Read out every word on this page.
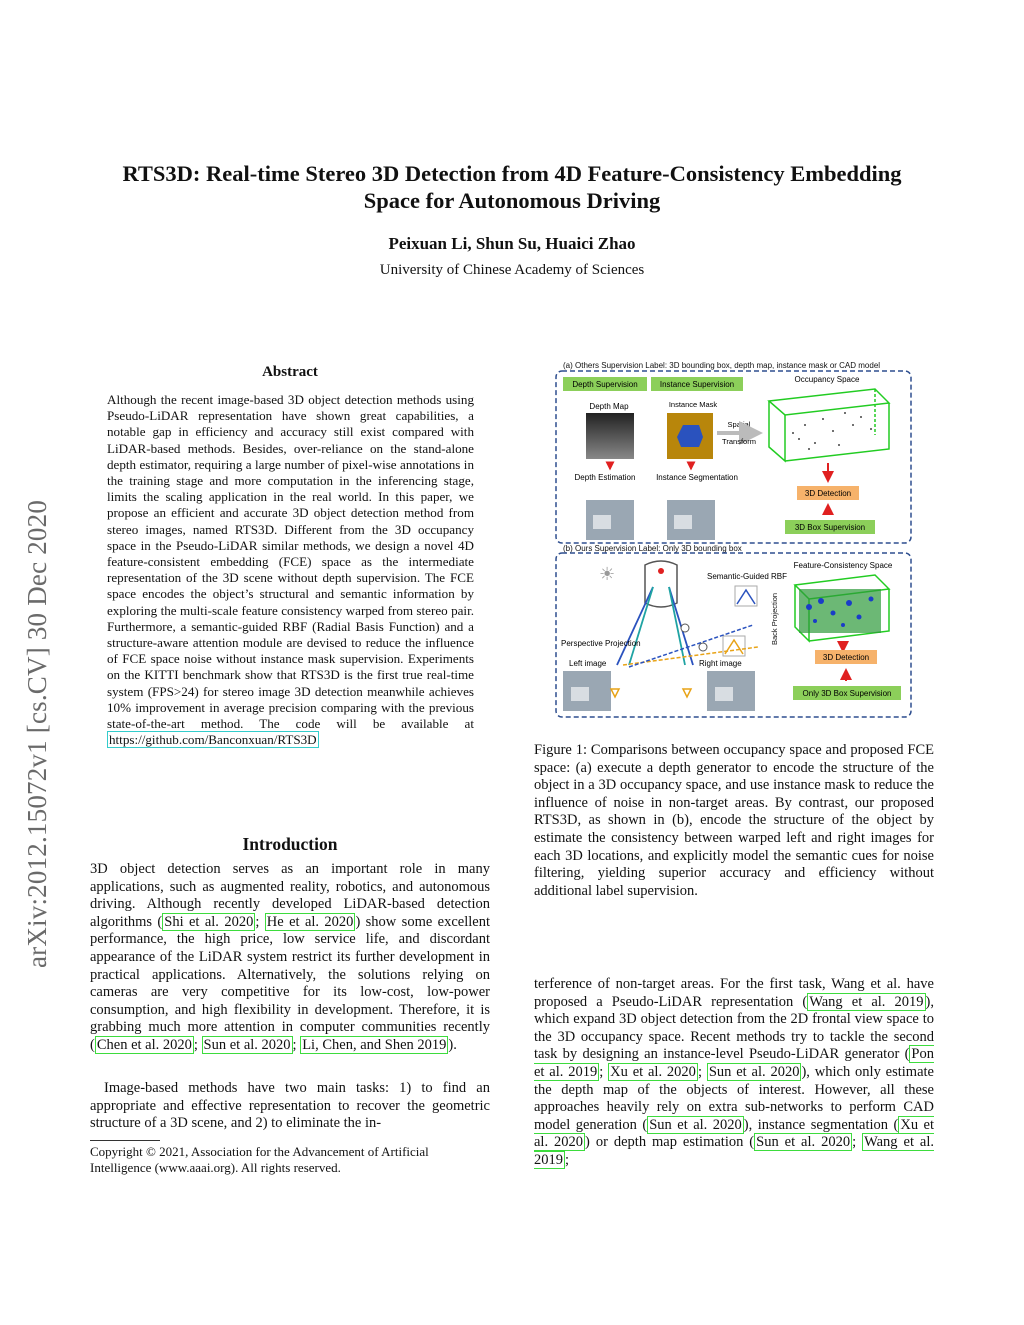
RTS3D: Real-time Stereo 3D Detection from 4D Feature-Consistency Embedding
Space for Autonomous Driving
Peixuan Li, Shun Su, Huaici Zhao
University of Chinese Academy of Sciences
arXiv:2012.15072v1 [cs.CV] 30 Dec 2020
Abstract
Although the recent image-based 3D object detection methods using Pseudo-LiDAR representation have shown great capabilities, a notable gap in efficiency and accuracy still exist compared with LiDAR-based methods. Besides, over-reliance on the stand-alone depth estimator, requiring a large number of pixel-wise annotations in the training stage and more computation in the inferencing stage, limits the scaling application in the real world. In this paper, we propose an efficient and accurate 3D object detection method from stereo images, named RTS3D. Different from the 3D occupancy space in the Pseudo-LiDAR similar methods, we design a novel 4D feature-consistent embedding (FCE) space as the intermediate representation of the 3D scene without depth supervision. The FCE space encodes the object’s structural and semantic information by exploring the multi-scale feature consistency warped from stereo pair. Furthermore, a semantic-guided RBF (Radial Basis Function) and a structure-aware attention module are devised to reduce the influence of FCE space noise without instance mask supervision. Experiments on the KITTI benchmark show that RTS3D is the first true real-time system (FPS>24) for stereo image 3D detection meanwhile achieves 10% improvement in average precision comparing with the previous state-of-the-art method. The code will be available at https://github.com/Banconxuan/RTS3D
Introduction
3D object detection serves as an important role in many applications, such as augmented reality, robotics, and autonomous driving. Although recently developed LiDAR-based detection algorithms ( Shi et al. 2020 ; He et al. 2020 ) show some excellent performance, the high price, low service life, and discordant appearance of the LiDAR system restrict its further development in practical applications. Alternatively, the solutions relying on cameras are very competitive for its low-cost, low-power consumption, and high flexibility in development. Therefore, it is grabbing much more attention in computer communities recently ( Chen et al. 2020 ; Sun et al. 2020 ; Li, Chen, and Shen 2019 ).
Image-based methods have two main tasks: 1) to find an appropriate and effective representation to recover the geometric structure of a 3D scene, and 2) to eliminate the in-
Copyright © 2021, Association for the Advancement of Artificial Intelligence (www.aaai.org). All rights reserved.
(a) Others Supervision Label: 3D bounding box, depth map, instance mask or CAD model
Depth Supervision	Instance Supervision
Occupancy Space
Depth Map	Instance Mask
Spatial
Transform
Depth Estimation	Instance Segmentation
3D Detection
3D Box Supervision
(b) Ours Supervision Label: Only 3D bounding box
Feature-Consistency Space
Semantic-Guided RBF
☀
Back Projection
Perspective Projection
Left image	Right image
3D Detection
Only 3D Box Supervision
Figure 1: Comparisons between occupancy space and proposed FCE space: (a) execute a depth generator to encode the structure of the object in a 3D occupancy space, and use instance mask to reduce the influence of noise in non-target areas. By contrast, our proposed RTS3D, as shown in (b), encode the structure of the object by estimate the consistency between warped left and right images for each 3D locations, and explicitly model the semantic cues for noise filtering, yielding superior accuracy and efficiency without additional label supervision.
terference of non-target areas. For the first task, Wang et al. have proposed a Pseudo-LiDAR representation ( Wang et al. 2019 ), which expand 3D object detection from the 2D frontal view space to the 3D occupancy space. Recent methods try to tackle the second task by designing an instance-level Pseudo-LiDAR generator ( Pon et al. 2019 ; Xu et al. 2020 ; Sun et al. 2020 ), which only estimate the depth map of the objects of interest. However, all these approaches heavily rely on extra sub-networks to perform CAD model generation ( Sun et al. 2020 ), instance segmentation ( Xu et al. 2020 ) or depth map estimation ( Sun et al. 2020 ; Wang et al. 2019 ;
